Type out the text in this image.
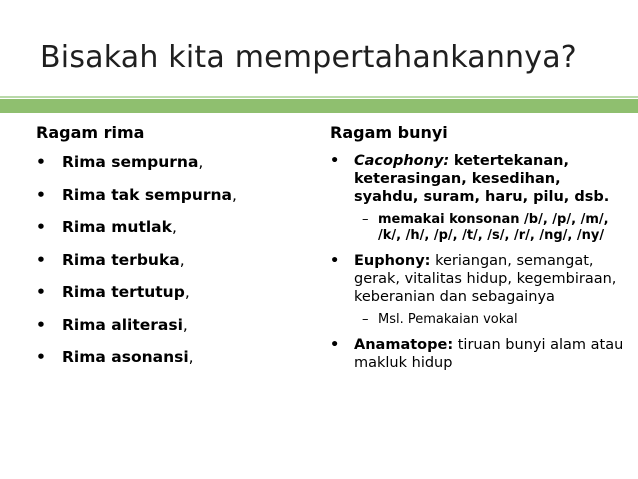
Bisakah kita mempertahankannya?
Ragam rima
• Rima sempurna,
• Rima tak sempurna,
• Rima mutlak,
• Rima terbuka,
• Rima tertutup,
• Rima aliterasi,
• Rima asonansi,
Ragam bunyi
• Cacophony: ketertekanan, keterasingan, kesedihan, syahdu, suram, haru, pilu, dsb.
– memakai konsonan /b/, /p/, /m/, /k/, /h/, /p/, /t/, /s/, /r/, /ng/, /ny/
• Euphony: keriangan, semangat, gerak, vitalitas hidup, kegembiraan, keberanian dan sebagainya
– Msl. Pemakaian vokal
• Anamatope: tiruan bunyi alam atau makluk hidup
